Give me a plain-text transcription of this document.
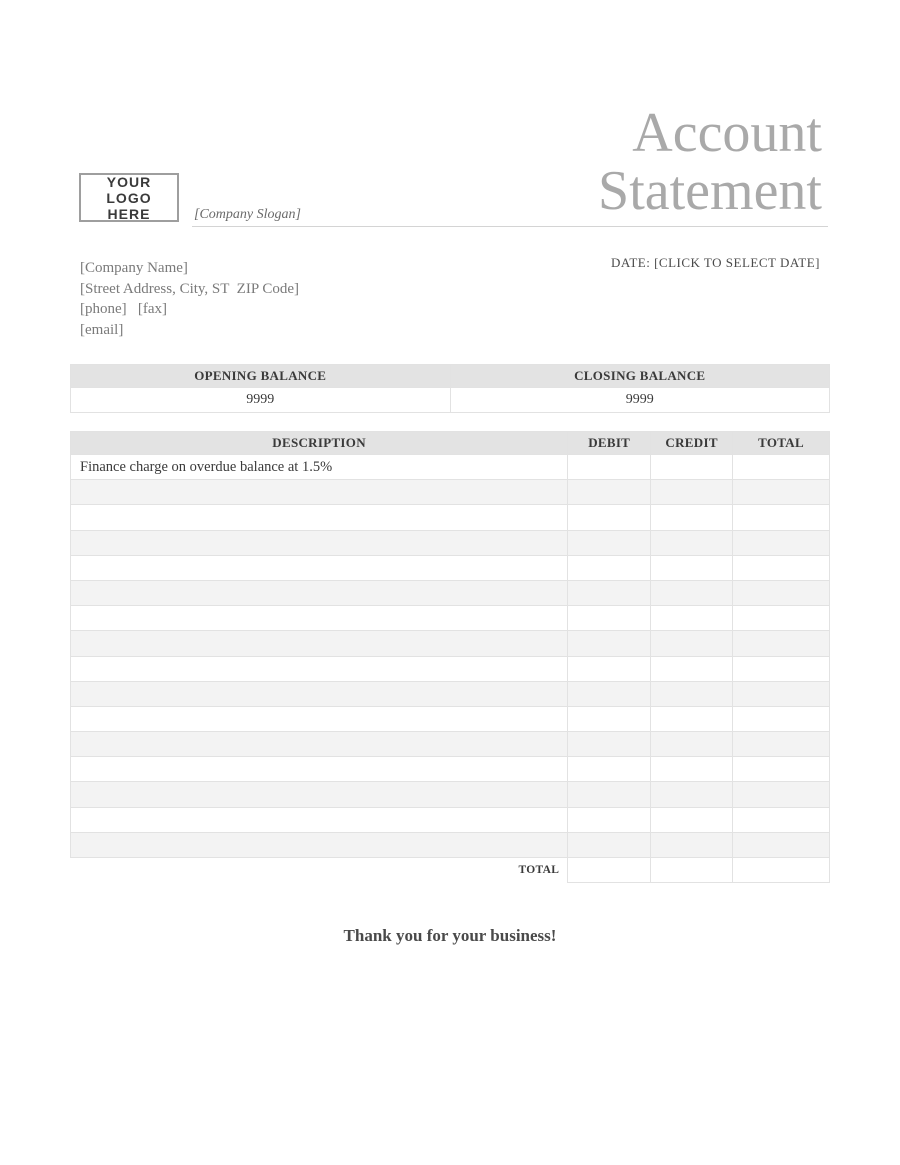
YOUR LOGO
HERE	[Company Slogan]
Account
Statement
DATE: [CLICK TO SELECT DATE]
[Company Name]
[Street Address, City, ST  ZIP Code]
[phone]   [fax]
[email]
OPENING BALANCE	CLOSING BALANCE
9999	9999
DESCRIPTION	DEBIT	CREDIT	TOTAL
Finance charge on overdue balance at 1.5%			

TOTAL			
Thank you for your business!
